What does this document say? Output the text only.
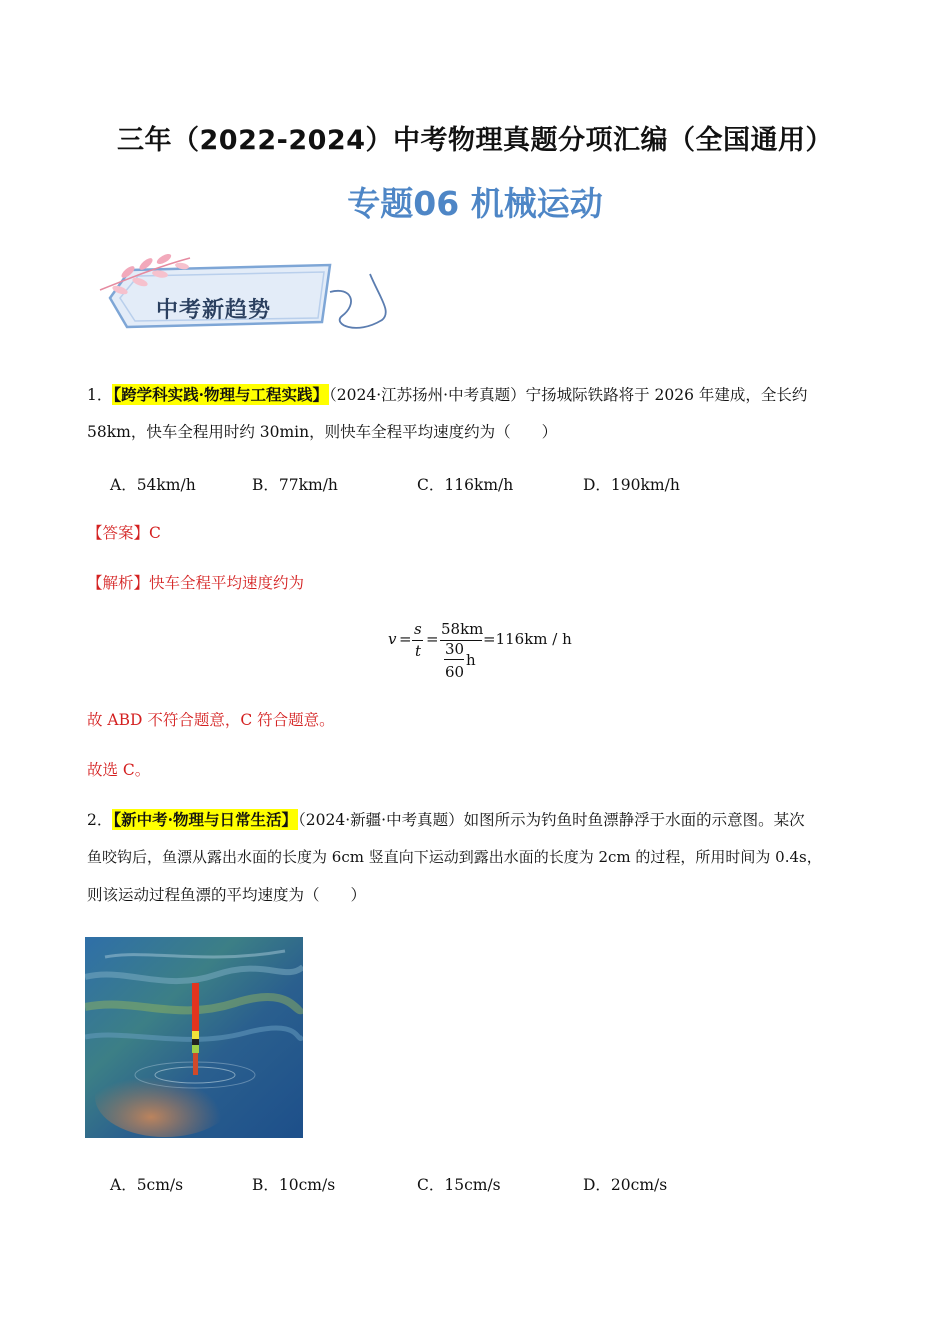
三年（2022-2024）中考物理真题分项汇编（全国通用）
专题06 机械运动
中考新趋势
1．【跨学科实践·物理与工程实践】（2024·江苏扬州·中考真题）宁扬城际铁路将于 2026 年建成，全长约
58km，快车全程用时约 30min，则快车全程平均速度约为（　　）
A．54km/h	B．77km/h	C．116km/h	D．190km/h
【答案】C
【解析】快车全程平均速度约为
v =
s
t
=
58km
30
60
h
=116km / h
故 ABD 不符合题意，C 符合题意。
故选 C。
2．【新中考·物理与日常生活】（2024·新疆·中考真题）如图所示为钓鱼时鱼漂静浮于水面的示意图。某次
鱼咬钩后，鱼漂从露出水面的长度为 6cm 竖直向下运动到露出水面的长度为 2cm 的过程，所用时间为 0.4s，
则该运动过程鱼漂的平均速度为（　　）
A．5cm/s	B．10cm/s	C．15cm/s	D．20cm/s
